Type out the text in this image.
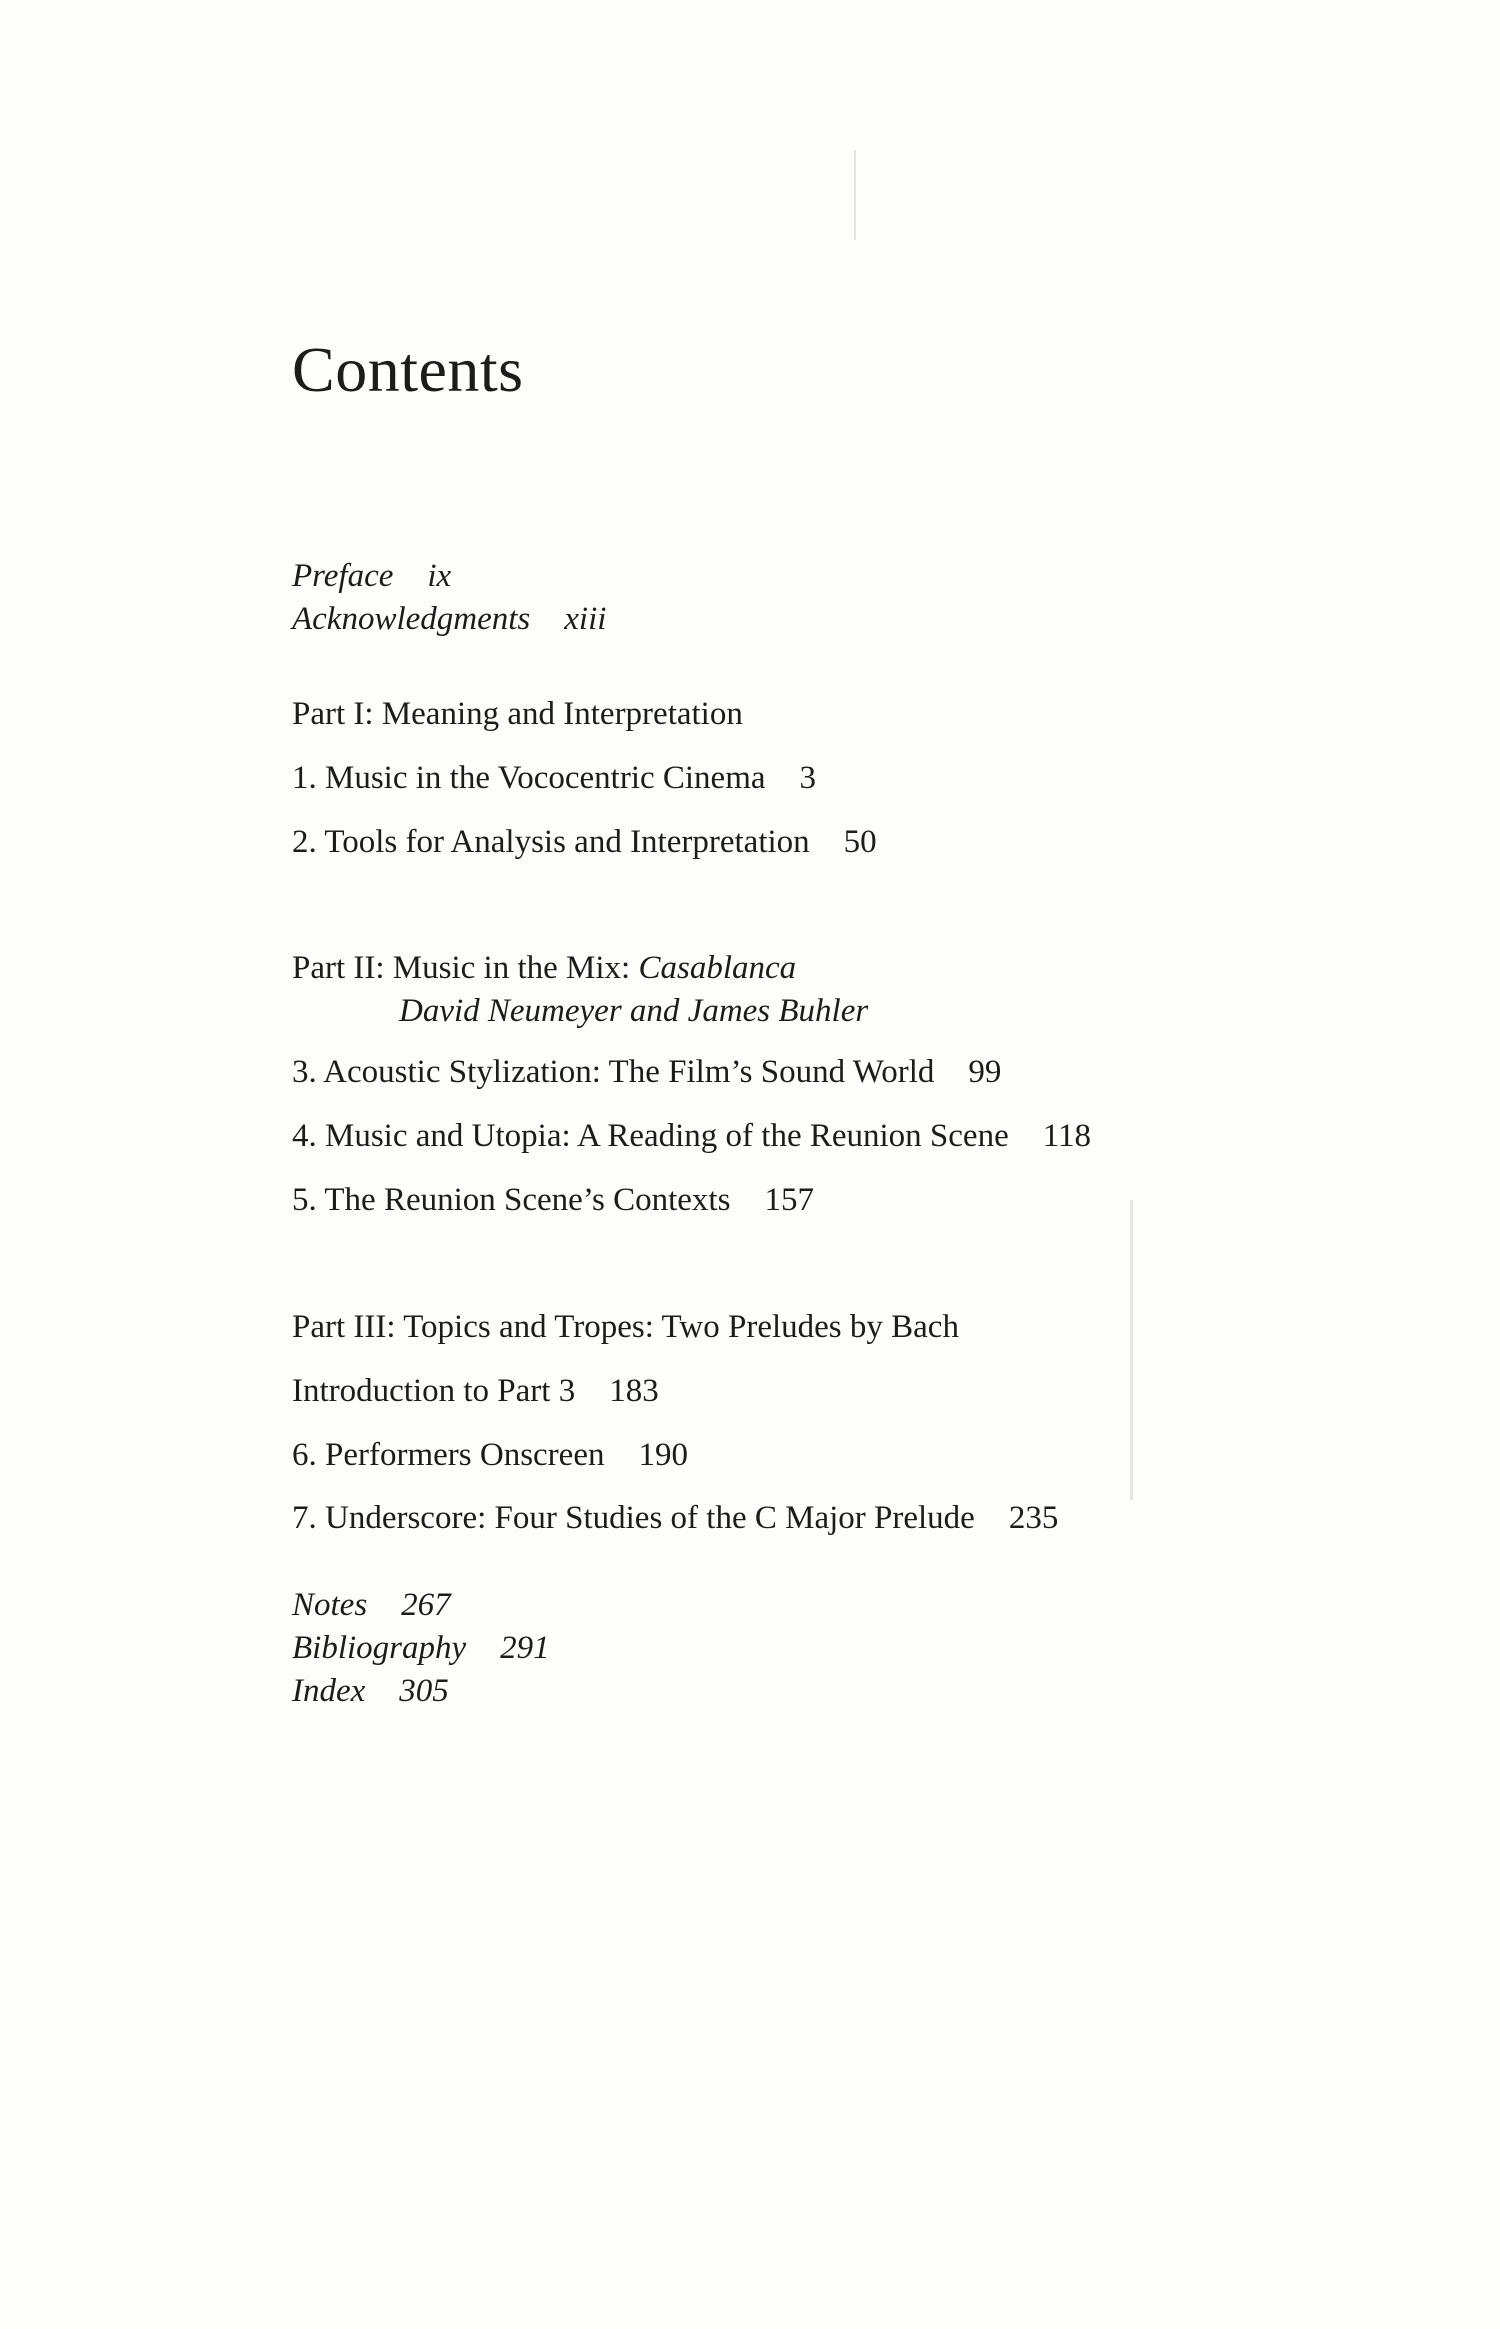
Contents
Preface ix
Acknowledgments xiii
Part I: Meaning and Interpretation
1. Music in the Vococentric Cinema 3
2. Tools for Analysis and Interpretation 50
Part II: Music in the Mix: Casablanca
David Neumeyer and James Buhler
3. Acoustic Stylization: The Film’s Sound World 99
4. Music and Utopia: A Reading of the Reunion Scene 118
5. The Reunion Scene’s Contexts 157
Part III: Topics and Tropes: Two Preludes by Bach
Introduction to Part 3 183
6. Performers Onscreen 190
7. Underscore: Four Studies of the C Major Prelude 235
Notes 267
Bibliography 291
Index 305
